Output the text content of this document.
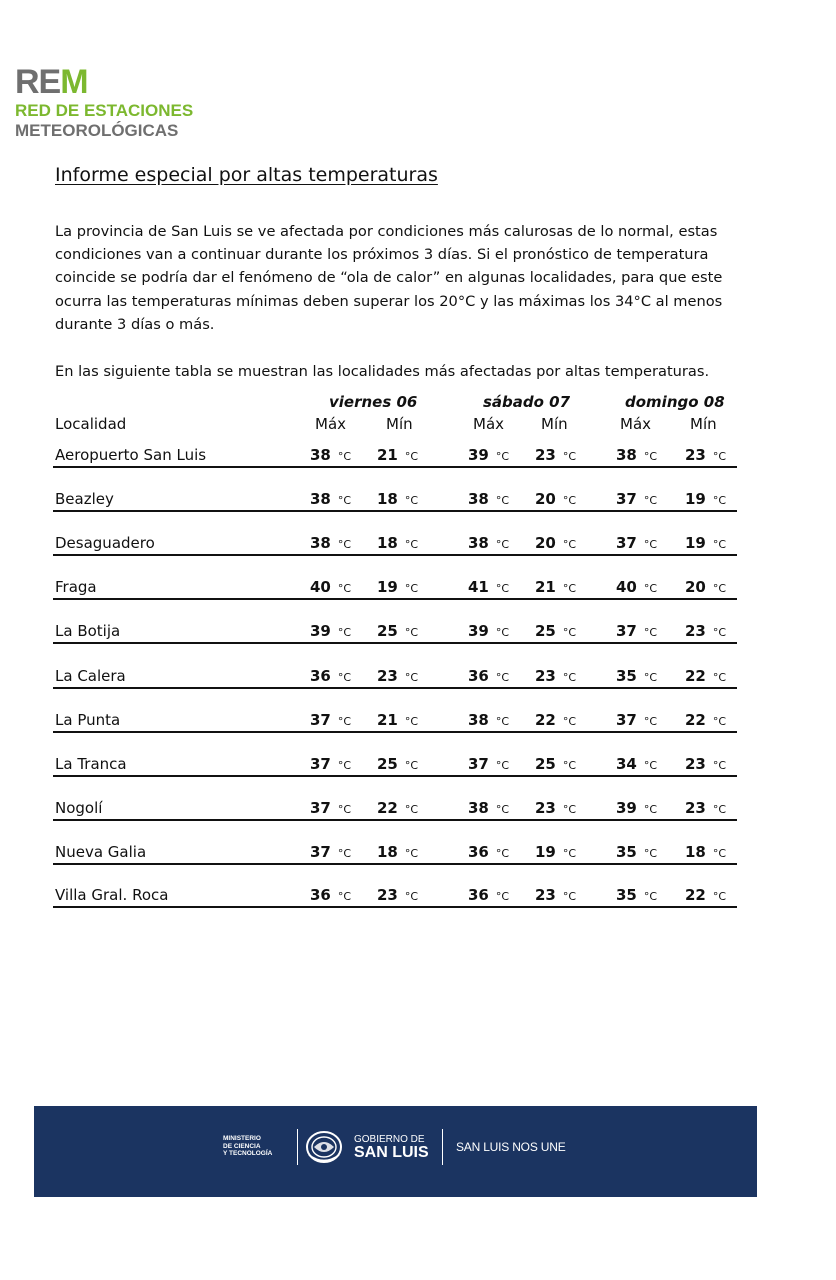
REM
RED DE ESTACIONES
METEOROLÓGICAS
Informe especial por altas temperaturas
La provincia de San Luis se ve afectada por condiciones más calurosas de lo normal, estas
condiciones van a continuar durante los próximos 3 días. Si el pronóstico de temperatura
coincide se podría dar el fenómeno de “ola de calor” en algunas localidades, para que este
ocurra las temperaturas mínimas deben superar los 20°C y las máximas los 34°C al menos
durante 3 días o más.
En las siguiente tabla se muestran las localidades más afectadas por altas temperaturas.
viernes 06	sábado 07	domingo 08
Localidad	Máx	Mín	Máx Mín	Máx	Mín
Aeropuerto San Luis	38 °C 21 °C	39 °C 23 °C	38 °C 23 °C
Beazley	38 °C 18 °C	38 °C 20 °C	37 °C 19 °C
Desaguadero	38 °C 18 °C	38 °C 20 °C	37 °C 19 °C
Fraga	40 °C 19 °C	41 °C 21 °C	40 °C 20 °C
La Botija	39 °C 25 °C	39 °C 25 °C	37 °C 23 °C
La Calera	36 °C 23 °C	36 °C 23 °C	35 °C 22 °C
La Punta	37 °C 21 °C	38 °C 22 °C	37 °C 22 °C
La Tranca	37 °C 25 °C	37 °C 25 °C	34 °C 23 °C
Nogolí	37 °C 22 °C	38 °C 23 °C	39 °C 23 °C
Nueva Galia	37 °C 18 °C	36 °C 19 °C	35 °C 18 °C
Villa Gral. Roca	36 °C 23 °C	36 °C 23 °C	35 °C 22 °C
MINISTERIO
DE CIENCIA
Y TECNOLOGÍA
GOBIERNO DE
SAN LUIS SAN LUIS NOS UNE
